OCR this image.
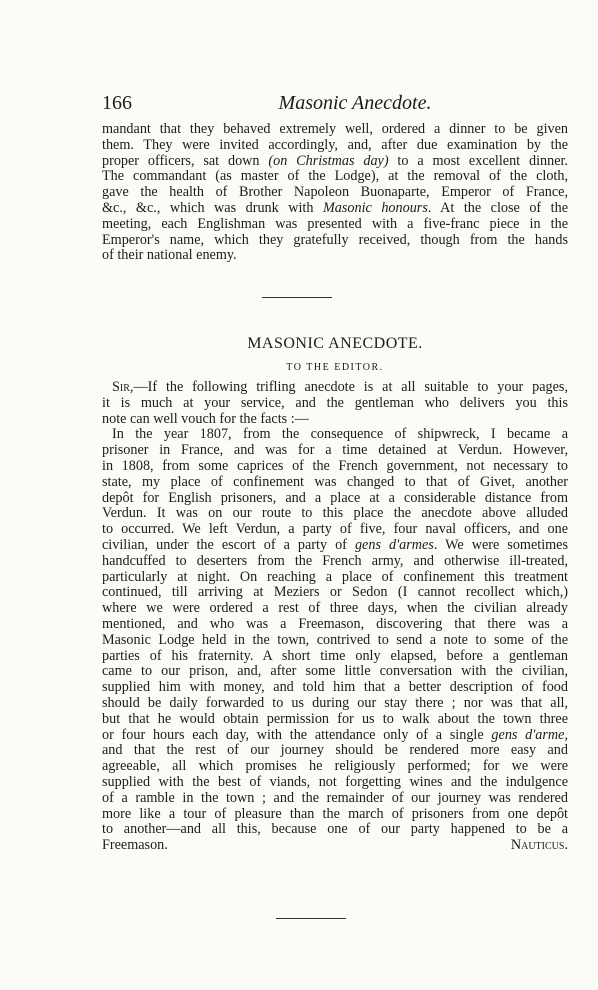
166	Masonic Anecdote.
mandant that they behaved extremely well, ordered a dinner to be given
them. They were invited accordingly, and, after due examination by the
proper officers, sat down (on Christmas day) to a most excellent dinner.
The commandant (as master of the Lodge), at the removal of the cloth,
gave the health of Brother Napoleon Buonaparte, Emperor of France,
&c., &c., which was drunk with Masonic honours. At the close of the
meeting, each Englishman was presented with a five-franc piece in the
Emperor's name, which they gratefully received, though from the hands
of their national enemy.
MASONIC ANECDOTE.
TO THE EDITOR.
Sir,—If the following trifling anecdote is at all suitable to your pages,
it is much at your service, and the gentleman who delivers you this
note can well vouch for the facts :—
In the year 1807, from the consequence of shipwreck, I became a
prisoner in France, and was for a time detained at Verdun. However,
in 1808, from some caprices of the French government, not necessary to
state, my place of confinement was changed to that of Givet, another
depôt for English prisoners, and a place at a considerable distance from
Verdun. It was on our route to this place the anecdote above alluded
to occurred. We left Verdun, a party of five, four naval officers, and one
civilian, under the escort of a party of gens d'armes. We were sometimes
handcuffed to deserters from the French army, and otherwise ill-treated,
particularly at night. On reaching a place of confinement this treatment
continued, till arriving at Meziers or Sedon (I cannot recollect which,)
where we were ordered a rest of three days, when the civilian already
mentioned, and who was a Freemason, discovering that there was a
Masonic Lodge held in the town, contrived to send a note to some of the
parties of his fraternity. A short time only elapsed, before a gentleman
came to our prison, and, after some little conversation with the civilian,
supplied him with money, and told him that a better description of food
should be daily forwarded to us during our stay there ; nor was that all,
but that he would obtain permission for us to walk about the town three
or four hours each day, with the attendance only of a single gens d'arme,
and that the rest of our journey should be rendered more easy and
agreeable, all which promises he religiously performed; for we were
supplied with the best of viands, not forgetting wines and the indulgence
of a ramble in the town ; and the remainder of our journey was rendered
more like a tour of pleasure than the march of prisoners from one depôt
to another—and all this, because one of our party happened to be a
Freemason.	Nauticus.
